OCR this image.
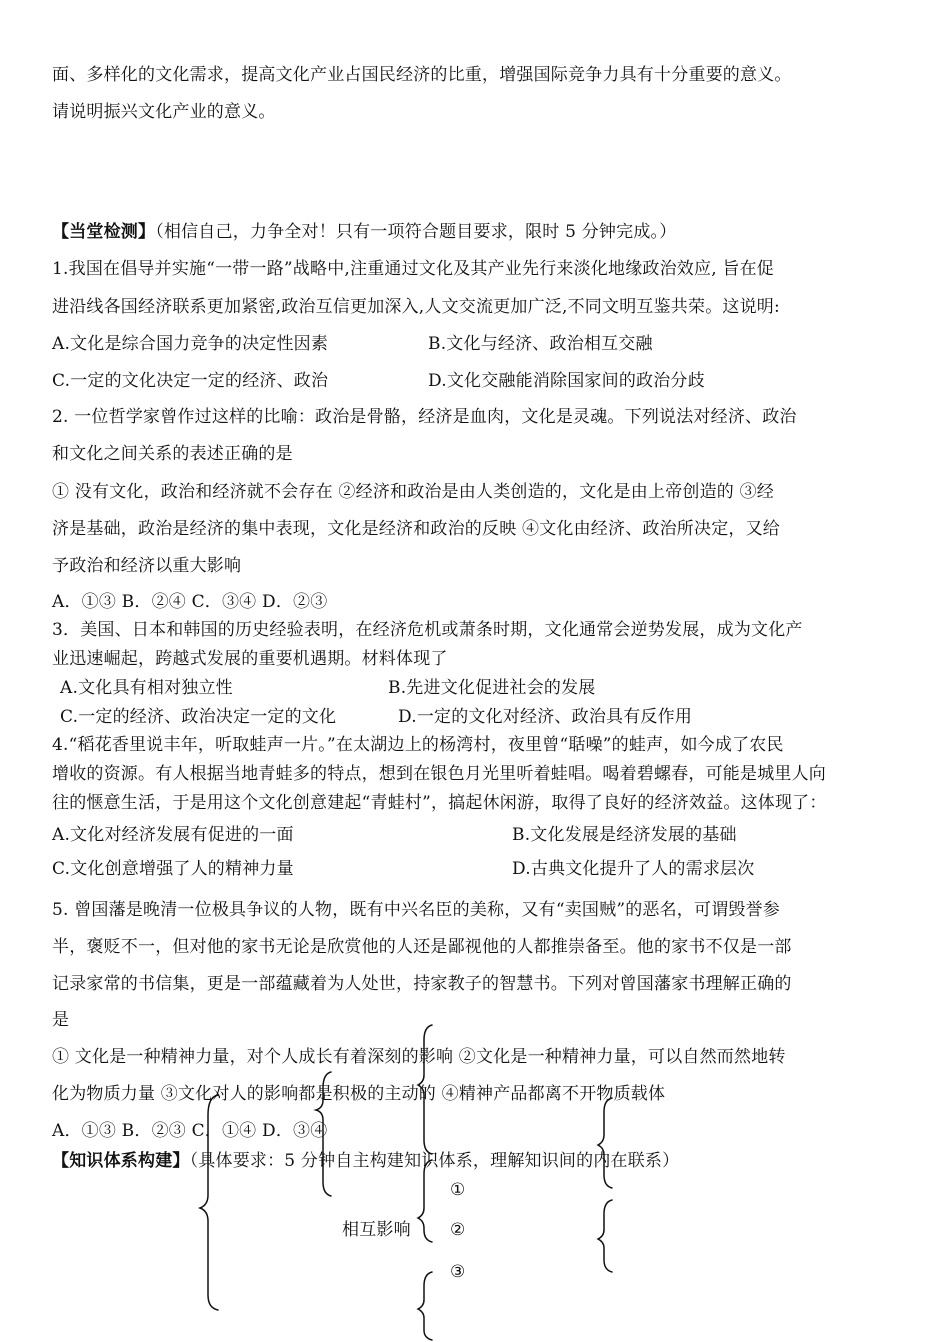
面、多样化的文化需求，提高文化产业占国民经济的比重，增强国际竞争力具有十分重要的意义。
请说明振兴文化产业的意义。
【当堂检测】（相信自己，力争全对！只有一项符合题目要求，限时 5 分钟完成。）
1.我国在倡导并实施“一带一路”战略中,注重通过文化及其产业先行来淡化地缘政治效应, 旨在促
进沿线各国经济联系更加紧密,政治互信更加深入,人文交流更加广泛,不同文明互鉴共荣。这说明:
A.文化是综合国力竞争的决定性因素	B.文化与经济、政治相互交融
C.一定的文化决定一定的经济、政治	D.文化交融能消除国家间的政治分歧
2. 一位哲学家曾作过这样的比喻：政治是骨骼，经济是血肉，文化是灵魂。下列说法对经济、政治
和文化之间关系的表述正确的是
① 没有文化，政治和经济就不会存在 ②经济和政治是由人类创造的，文化是由上帝创造的 ③经
济是基础，政治是经济的集中表现，文化是经济和政治的反映 ④文化由经济、政治所决定，又给
予政治和经济以重大影响
A．①③ B．②④ C．③④ D．②③
3．美国、日本和韩国的历史经验表明，在经济危机或萧条时期，文化通常会逆势发展，成为文化产
业迅速崛起，跨越式发展的重要机遇期。材料体现了
A.文化具有相对独立性	B.先进文化促进社会的发展
C.一定的经济、政治决定一定的文化	D.一定的文化对经济、政治具有反作用
4.“稻花香里说丰年，听取蛙声一片。”在太湖边上的杨湾村，夜里曾“聒噪”的蛙声，如今成了农民
增收的资源。有人根据当地青蛙多的特点，想到在银色月光里听着蛙唱。喝着碧螺春，可能是城里人向
往的惬意生活，于是用这个文化创意建起“青蛙村”，搞起休闲游，取得了良好的经济效益。这体现了：
A.文化对经济发展有促进的一面	B.文化发展是经济发展的基础
C.文化创意增强了人的精神力量	D.古典文化提升了人的需求层次
5. 曾国藩是晚清一位极具争议的人物，既有中兴名臣的美称，又有“卖国贼”的恶名，可谓毁誉参
半，褒贬不一，但对他的家书无论是欣赏他的人还是鄙视他的人都推崇备至。他的家书不仅是一部
记录家常的书信集，更是一部蕴藏着为人处世，持家教子的智慧书。下列对曾国藩家书理解正确的
是
① 文化是一种精神力量，对个人成长有着深刻的影响 ②文化是一种精神力量，可以自然而然地转
化为物质力量 ③文化对人的影响都是积极的主动的 ④精神产品都离不开物质载体
A．①③ B．②③ C．①④ D．③④
【知识体系构建】（具体要求：5 分钟自主构建知识体系，理解知识间的内在联系）
相互影响
①
②
③
